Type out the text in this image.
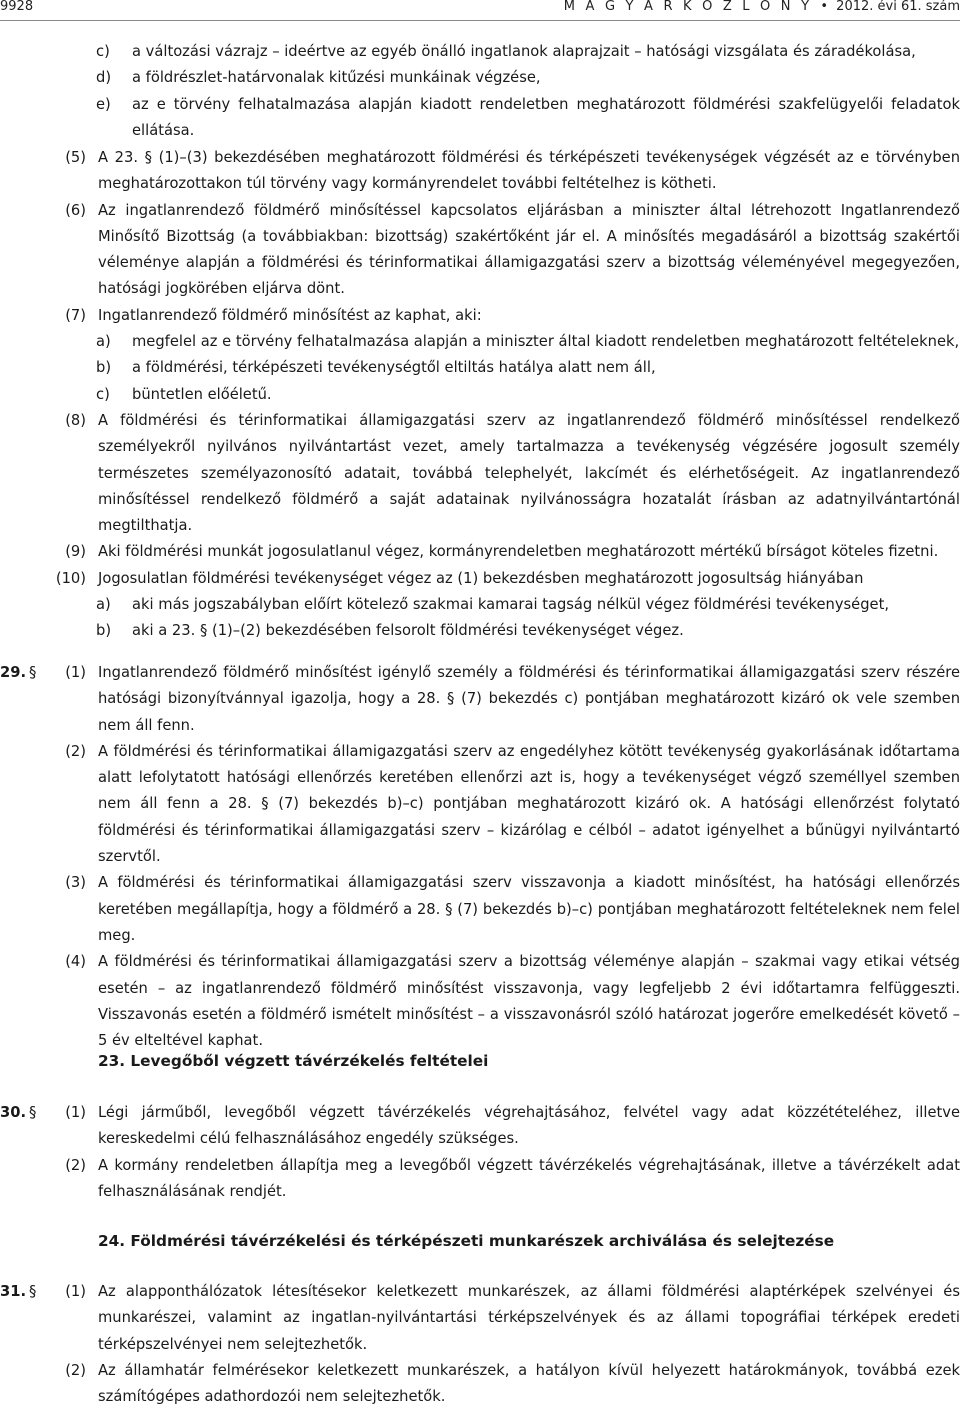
9928	M A G Y A R K Ö Z L Ö N Y • 2012. évi 61. szám
c)	a változási vázrajz – ideértve az egyéb önálló ingatlanok alaprajzait – hatósági vizsgálata és záradékolása,
d)	a földrészlet-határvonalak kitűzési munkáinak végzése,
e)	az e törvény felhatalmazása alapján kiadott rendeletben meghatározott földmérési szakfelügyelői feladatok ellátása.
(5) A 23. § (1)–(3) bekezdésében meghatározott földmérési és térképészeti tevékenységek végzését az e törvényben meghatározottakon túl törvény vagy kormányrendelet további feltételhez is kötheti.
(6) Az ingatlanrendező földmérő minősítéssel kapcsolatos eljárásban a miniszter által létrehozott Ingatlanrendező Minősítő Bizottság (a továbbiakban: bizottság) szakértőként jár el. A minősítés megadásáról a bizottság szakértői véleménye alapján a földmérési és térinformatikai államigazgatási szerv a bizottság véleményével megegyezően, hatósági jogkörében eljárva dönt.
(7) Ingatlanrendező földmérő minősítést az kaphat, aki:
a)	megfelel az e törvény felhatalmazása alapján a miniszter által kiadott rendeletben meghatározott feltételeknek,
b)	a földmérési, térképészeti tevékenységtől eltiltás hatálya alatt nem áll,
c)	büntetlen előéletű.
(8) A földmérési és térinformatikai államigazgatási szerv az ingatlanrendező földmérő minősítéssel rendelkező személyekről nyilvános nyilvántartást vezet, amely tartalmazza a tevékenység végzésére jogosult személy természetes személyazonosító adatait, továbbá telephelyét, lakcímét és elérhetőségeit. Az ingatlanrendező minősítéssel rendelkező földmérő a saját adatainak nyilvánosságra hozatalát írásban az adatnyilvántartónál megtilthatja.
(9) Aki földmérési munkát jogosulatlanul végez, kormányrendeletben meghatározott mértékű bírságot köteles fizetni.
(10) Jogosulatlan földmérési tevékenységet végez az (1) bekezdésben meghatározott jogosultság hiányában
a)	aki más jogszabályban előírt kötelező szakmai kamarai tagság nélkül végez földmérési tevékenységet,
b)	aki a 23. § (1)–(2) bekezdésében felsorolt földmérési tevékenységet végez.
29. §	(1) Ingatlanrendező földmérő minősítést igénylő személy a földmérési és térinformatikai államigazgatási szerv részére hatósági bizonyítvánnyal igazolja, hogy a 28. § (7) bekezdés c) pontjában meghatározott kizáró ok vele szemben nem áll fenn.
(2) A földmérési és térinformatikai államigazgatási szerv az engedélyhez kötött tevékenység gyakorlásának időtartama alatt lefolytatott hatósági ellenőrzés keretében ellenőrzi azt is, hogy a tevékenységet végző személlyel szemben nem áll fenn a 28. § (7) bekezdés b)–c) pontjában meghatározott kizáró ok. A hatósági ellenőrzést folytató földmérési és térinformatikai államigazgatási szerv – kizárólag e célból – adatot igényelhet a bűnügyi nyilvántartó szervtől.
(3) A földmérési és térinformatikai államigazgatási szerv visszavonja a kiadott minősítést, ha hatósági ellenőrzés keretében megállapítja, hogy a földmérő a 28. § (7) bekezdés b)–c) pontjában meghatározott feltételeknek nem felel meg.
(4) A földmérési és térinformatikai államigazgatási szerv a bizottság véleménye alapján – szakmai vagy etikai vétség esetén – az ingatlanrendező földmérő minősítést visszavonja, vagy legfeljebb 2 évi időtartamra felfüggeszti. Visszavonás esetén a földmérő ismételt minősítést – a visszavonásról szóló határozat jogerőre emelkedését követő – 5 év elteltével kaphat.
23. Levegőből végzett távérzékelés feltételei
30. §	(1) Légi járműből, levegőből végzett távérzékelés végrehajtásához, felvétel vagy adat közzétételéhez, illetve kereskedelmi célú felhasználásához engedély szükséges.
(2) A kormány rendeletben állapítja meg a levegőből végzett távérzékelés végrehajtásának, illetve a távérzékelt adat felhasználásának rendjét.
24. Földmérési távérzékelési és térképészeti munkarészek archiválása és selejtezése
31. §	(1) Az alapponthálózatok létesítésekor keletkezett munkarészek, az állami földmérési alaptérképek szelvényei és munkarészei, valamint az ingatlan-nyilvántartási térképszelvények és az állami topográfiai térképek eredeti térképszelvényei nem selejtezhetők.
(2) Az államhatár felmérésekor keletkezett munkarészek, a hatályon kívül helyezett határokmányok, továbbá ezek számítógépes adathordozói nem selejtezhetők.
